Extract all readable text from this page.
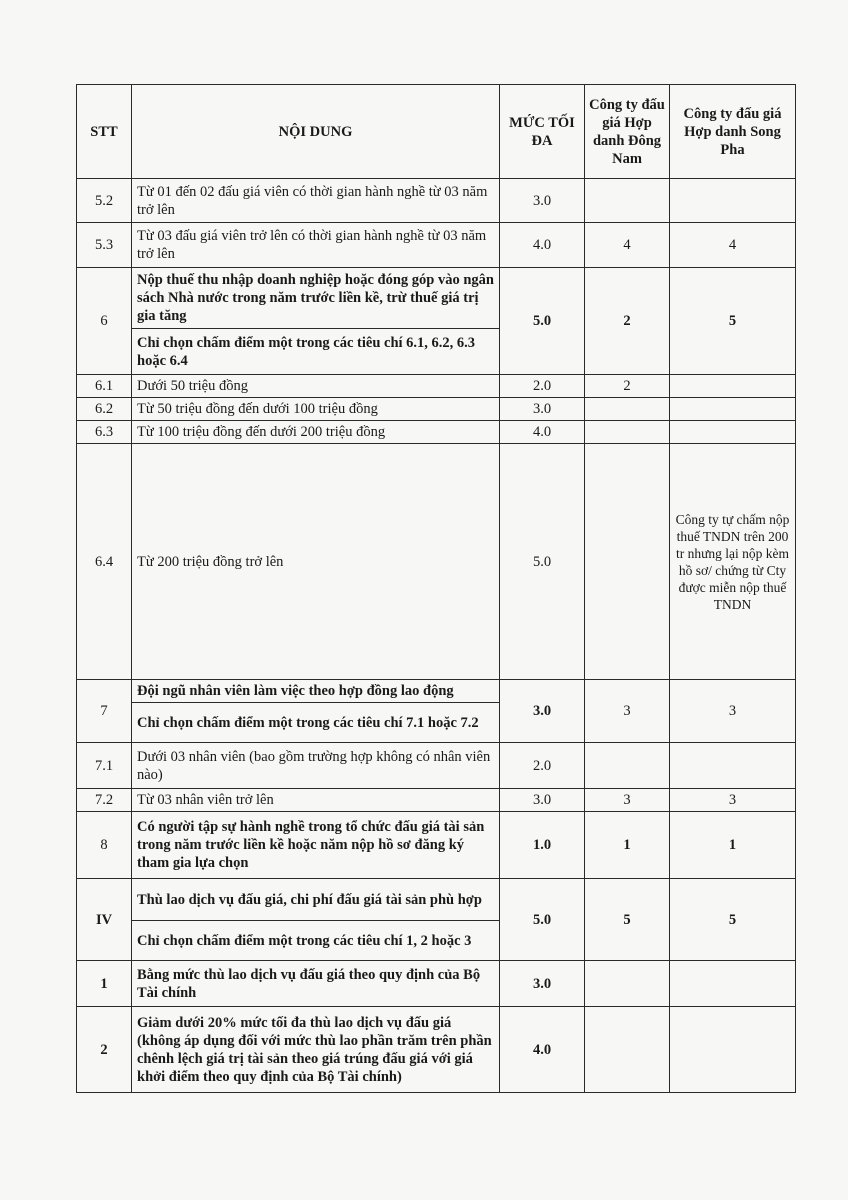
STT	NỘI DUNG	MỨC TỐI ĐA	Công ty đấu giá Hợp danh Đông Nam	Công ty đấu giá Hợp danh Song Pha
5.2	Từ 01 đến 02 đấu giá viên có thời gian hành nghề từ 03 năm trở lên	3.0		
5.3	Từ 03 đấu giá viên trở lên có thời gian hành nghề từ 03 năm trở lên	4.0	4	4
6	Nộp thuế thu nhập doanh nghiệp hoặc đóng góp vào ngân sách Nhà nước trong năm trước liền kề, trừ thuế giá trị gia tăng	5.0	2	5
	Chỉ chọn chấm điểm một trong các tiêu chí 6.1, 6.2, 6.3 hoặc 6.4			
6.1	Dưới 50 triệu đồng	2.0	2	
6.2	Từ 50 triệu đồng đến dưới 100 triệu đồng	3.0		
6.3	Từ 100 triệu đồng đến dưới 200 triệu đồng	4.0		
6.4	Từ 200 triệu đồng trở lên	5.0		Công ty tự chấm nộp thuế TNDN trên 200 tr nhưng lại nộp kèm hồ sơ/ chứng từ Cty được miễn nộp thuế TNDN
7	Đội ngũ nhân viên làm việc theo hợp đồng lao động	3.0	3	3
	Chỉ chọn chấm điểm một trong các tiêu chí 7.1 hoặc 7.2			
7.1	Dưới 03 nhân viên (bao gồm trường hợp không có nhân viên nào)	2.0		
7.2	Từ 03 nhân viên trở lên	3.0	3	3
8	Có người tập sự hành nghề trong tổ chức đấu giá tài sản trong năm trước liền kề hoặc năm nộp hồ sơ đăng ký tham gia lựa chọn	1.0	1	1
IV	Thù lao dịch vụ đấu giá, chi phí đấu giá tài sản phù hợp	5.0	5	5
	Chỉ chọn chấm điểm một trong các tiêu chí 1, 2 hoặc 3			
1	Bằng mức thù lao dịch vụ đấu giá theo quy định của Bộ Tài chính	3.0		
2	Giảm dưới 20% mức tối đa thù lao dịch vụ đấu giá (không áp dụng đối với mức thù lao phần trăm trên phần chênh lệch giá trị tài sản theo giá trúng đấu giá với giá khởi điểm theo quy định của Bộ Tài chính)	4.0		
